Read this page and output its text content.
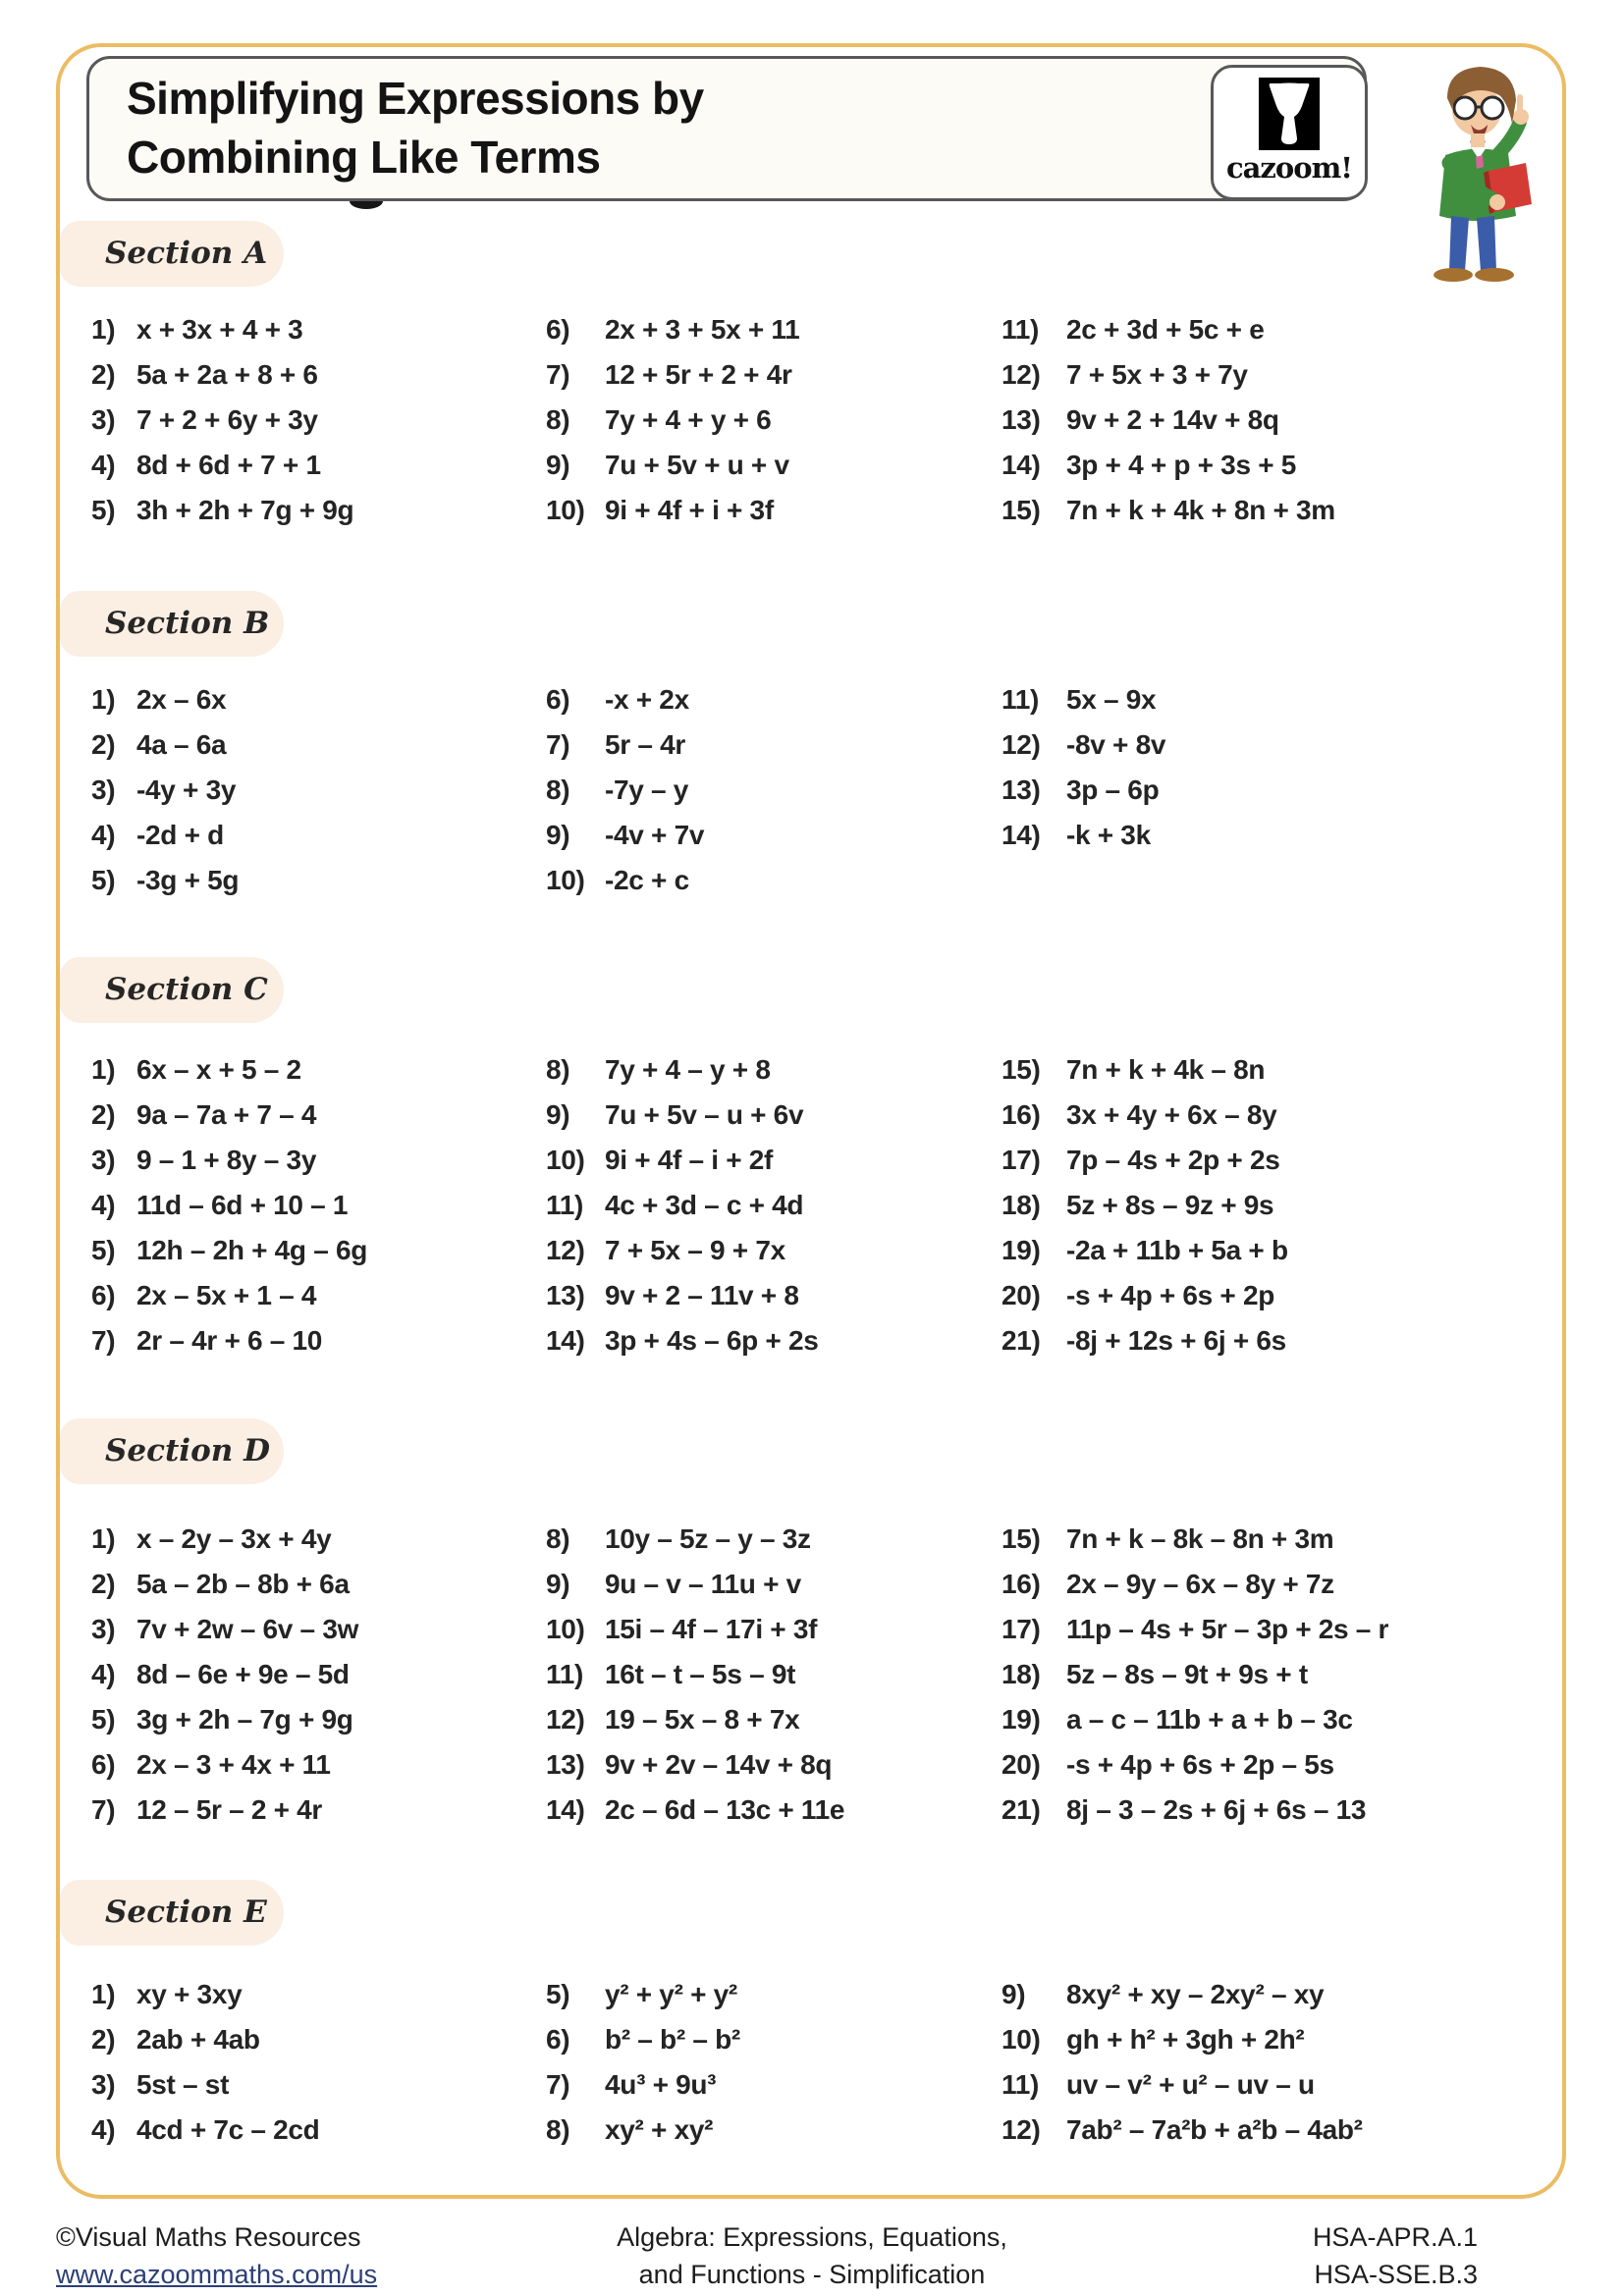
Simplifying Expressions by
Combining Like Terms	cazoom!
Section A
1) x + 3x + 4 + 3
2) 5a + 2a + 8 + 6
3) 7 + 2 + 6y + 3y
4) 8d + 6d + 7 + 1
5) 3h + 2h + 7g + 9g
6)	2x + 3 + 5x + 11
7)	12 + 5r + 2 + 4r
8)	7y + 4 + y + 6
9)	7u + 5v + u + v
10) 9i + 4f + i + 3f
11) 2c + 3d + 5c + e
12) 7 + 5x + 3 + 7y
13) 9v + 2 + 14v + 8q
14) 3p + 4 + p + 3s + 5
15) 7n + k + 4k + 8n + 3m
Section B
1) 2x – 6x
2) 4a – 6a
3) -4y + 3y
4) -2d + d
5) -3g + 5g
6)	-x + 2x
7)	5r – 4r
8)	-7y – y
9)	-4v + 7v
10) -2c + c
11) 5x – 9x
12) -8v + 8v
13) 3p – 6p
14) -k + 3k
Section C
1) 6x – x + 5 – 2
2) 9a – 7a + 7 – 4
3) 9 – 1 + 8y – 3y
4) 11d – 6d + 10 – 1
5) 12h – 2h + 4g – 6g
6) 2x – 5x + 1 – 4
7) 2r – 4r + 6 – 10
8)	7y + 4 – y + 8
9)	7u + 5v – u + 6v
10) 9i + 4f – i + 2f
11) 4c + 3d – c + 4d
12) 7 + 5x – 9 + 7x
13) 9v + 2 – 11v + 8
14) 3p + 4s – 6p + 2s
15) 7n + k + 4k – 8n
16) 3x + 4y + 6x – 8y
17) 7p – 4s + 2p + 2s
18) 5z + 8s – 9z + 9s
19) -2a + 11b + 5a + b
20) -s + 4p + 6s + 2p
21) -8j + 12s + 6j + 6s
Section D
1) x – 2y – 3x + 4y
2) 5a – 2b – 8b + 6a
3) 7v + 2w – 6v – 3w
4) 8d – 6e + 9e – 5d
5) 3g + 2h – 7g + 9g
6) 2x – 3 + 4x + 11
7) 12 – 5r – 2 + 4r
8)	10y – 5z – y – 3z
9)	9u – v – 11u + v
10) 15i – 4f – 17i + 3f
11) 16t – t – 5s – 9t
12) 19 – 5x – 8 + 7x
13) 9v + 2v – 14v + 8q
14) 2c – 6d – 13c + 11e
15) 7n + k – 8k – 8n + 3m
16) 2x – 9y – 6x – 8y + 7z
17) 11p – 4s + 5r – 3p + 2s – r
18) 5z – 8s – 9t + 9s + t
19) a – c – 11b + a + b – 3c
20) -s + 4p + 6s + 2p – 5s
21) 8j – 3 – 2s + 6j + 6s – 13
Section E
1) xy + 3xy
2) 2ab + 4ab
3) 5st – st
4) 4cd + 7c – 2cd
5)	y² + y² + y²
6)	b² – b² – b²
7)	4u³ + 9u³
8)	xy² + xy²
9)	8xy² + xy – 2xy² – xy
10) gh + h² + 3gh + 2h²
11) uv – v² + u² – uv – u
12) 7ab² – 7a²b + a²b – 4ab²
©Visual Maths Resources
www.cazoommaths.com/us
Algebra: Expressions, Equations,
and Functions - Simplification
HSA-APR.A.1
HSA-SSE.B.3
